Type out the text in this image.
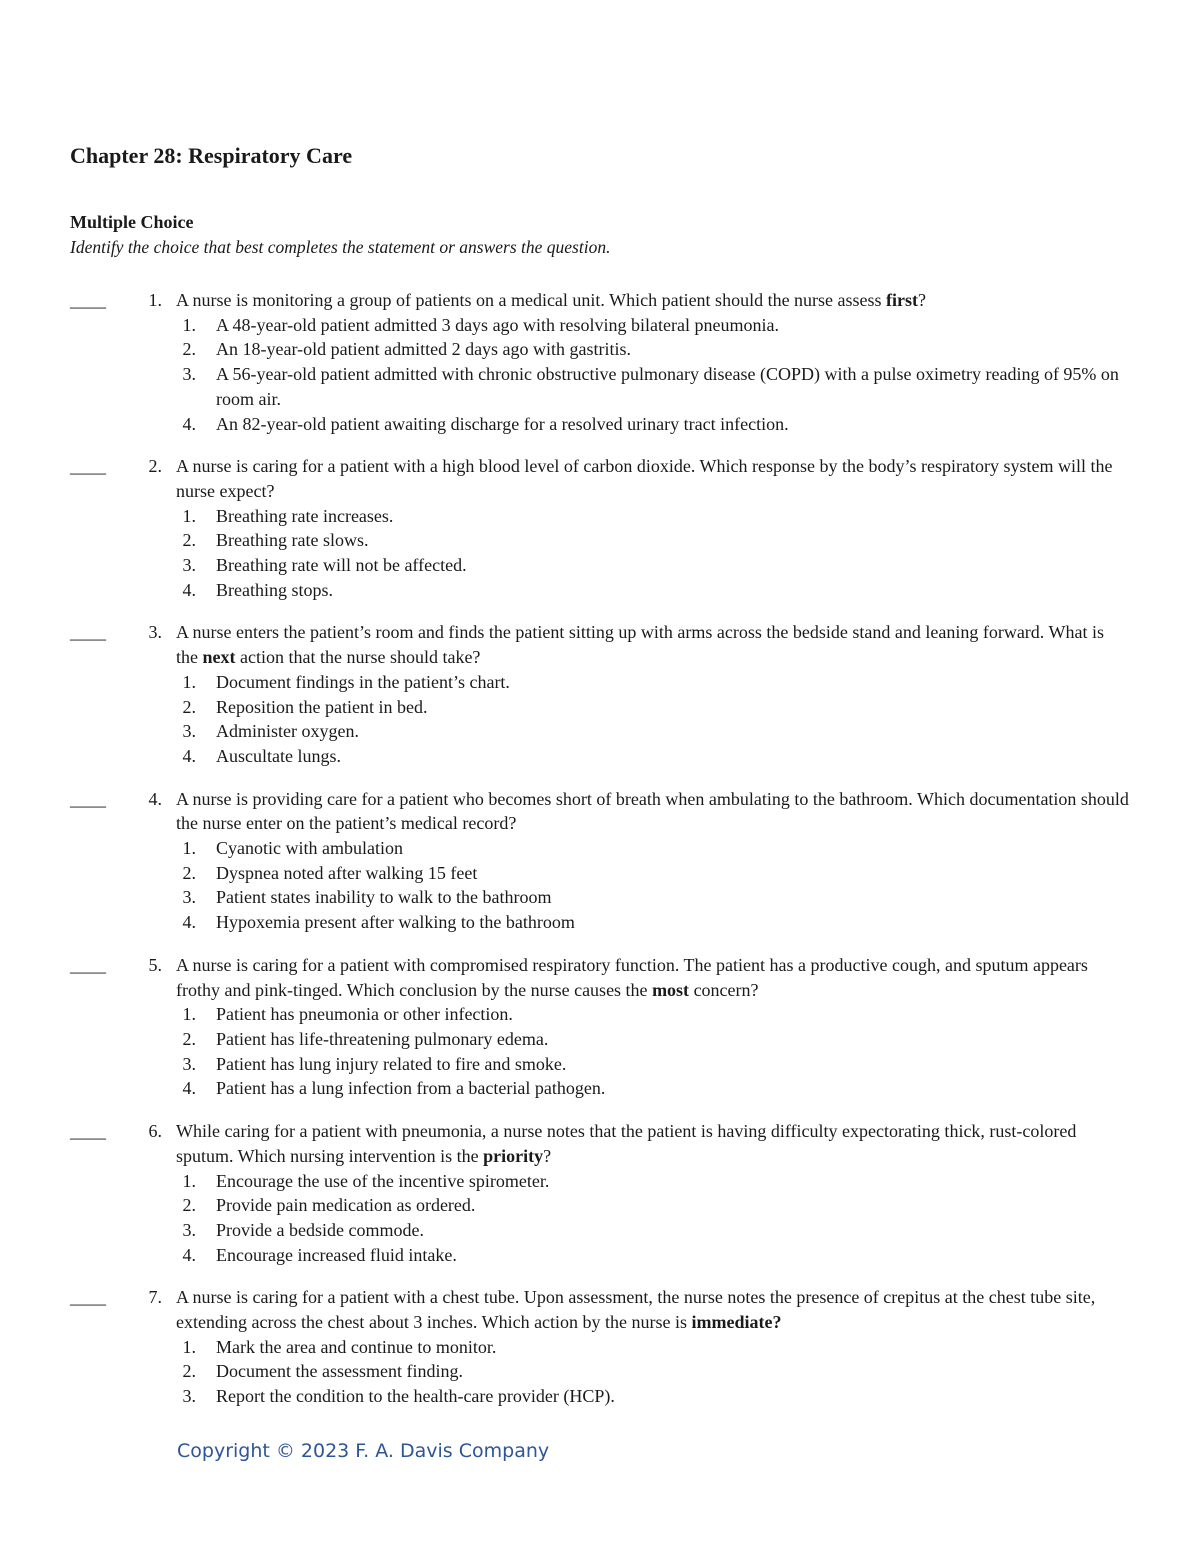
Chapter 28: Respiratory Care
Multiple Choice
Identify the choice that best completes the statement or answers the question.
____	1. A nurse is monitoring a group of patients on a medical unit. Which patient should the nurse assess first?
1. A 48-year-old patient admitted 3 days ago with resolving bilateral pneumonia.
2. An 18-year-old patient admitted 2 days ago with gastritis.
3. A 56-year-old patient admitted with chronic obstructive pulmonary disease (COPD) with a pulse oximetry reading of 95% on room air.
4. An 82-year-old patient awaiting discharge for a resolved urinary tract infection.
____	2. A nurse is caring for a patient with a high blood level of carbon dioxide. Which response by the body’s respiratory system will the nurse expect?
1. Breathing rate increases.
2. Breathing rate slows.
3. Breathing rate will not be affected.
4. Breathing stops.
____	3. A nurse enters the patient’s room and finds the patient sitting up with arms across the bedside stand and leaning forward. What is the next action that the nurse should take?
1. Document findings in the patient’s chart.
2. Reposition the patient in bed.
3. Administer oxygen.
4. Auscultate lungs.
____	4. A nurse is providing care for a patient who becomes short of breath when ambulating to the bathroom. Which documentation should the nurse enter on the patient’s medical record?
1. Cyanotic with ambulation
2. Dyspnea noted after walking 15 feet
3. Patient states inability to walk to the bathroom
4. Hypoxemia present after walking to the bathroom
____	5. A nurse is caring for a patient with compromised respiratory function. The patient has a productive cough, and sputum appears frothy and pink-tinged. Which conclusion by the nurse causes the most concern?
1. Patient has pneumonia or other infection.
2. Patient has life-threatening pulmonary edema.
3. Patient has lung injury related to fire and smoke.
4. Patient has a lung infection from a bacterial pathogen.
____	6. While caring for a patient with pneumonia, a nurse notes that the patient is having difficulty expectorating thick, rust-colored sputum. Which nursing intervention is the priority?
1. Encourage the use of the incentive spirometer.
2. Provide pain medication as ordered.
3. Provide a bedside commode.
4. Encourage increased fluid intake.
____	7. A nurse is caring for a patient with a chest tube. Upon assessment, the nurse notes the presence of crepitus at the chest tube site, extending across the chest about 3 inches. Which action by the nurse is immediate?
1. Mark the area and continue to monitor.
2. Document the assessment finding.
3. Report the condition to the health-care provider (HCP).
Copyright © 2023 F. A. Davis Company
